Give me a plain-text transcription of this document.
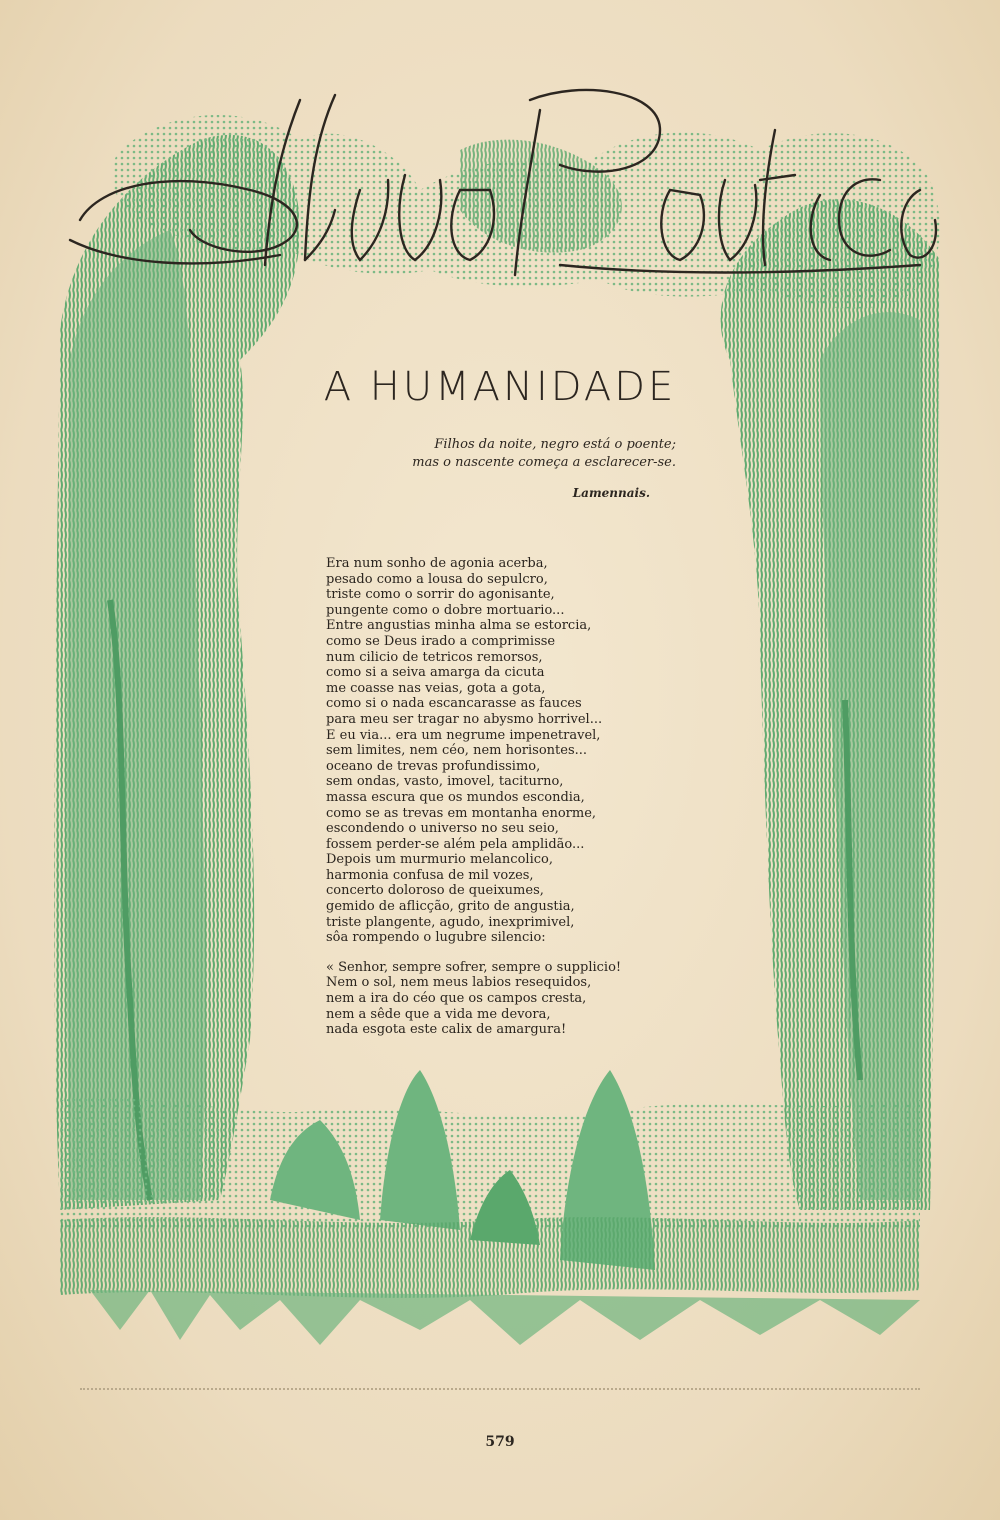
A HUMANIDADE
Filhos da noite, negro está o poente;
mas o nascente começa a esclarecer-se.
Lamennais.
Era num sonho de agonia acerba,
pesado como a lousa do sepulcro,
triste como o sorrir do agonisante,
pungente como o dobre mortuario...
Entre angustias minha alma se estorcia,
como se Deus irado a comprimisse
num cilicio de tetricos remorsos,
como si a seiva amarga da cicuta
me coasse nas veias, gota a gota,
como si o nada escancarasse as fauces
para meu ser tragar no abysmo horrivel...
E eu via... era um negrume impenetravel,
sem limites, nem céo, nem horisontes...
oceano de trevas profundissimo,
sem ondas, vasto, imovel, taciturno,
massa escura que os mundos escondia,
como se as trevas em montanha enorme,
escondendo o universo no seu seio,
fossem perder-se além pela amplidão...
Depois um murmurio melancolico,
harmonia confusa de mil vozes,
concerto doloroso de queixumes,
gemido de aflicção, grito de angustia,
triste plangente, agudo, inexprimivel,
sôa rompendo o lugubre silencio:
« Senhor, sempre sofrer, sempre o supplicio!
Nem o sol, nem meus labios resequidos,
nem a ira do céo que os campos cresta,
nem a sêde que a vida me devora,
nada esgota este calix de amargura!
579
